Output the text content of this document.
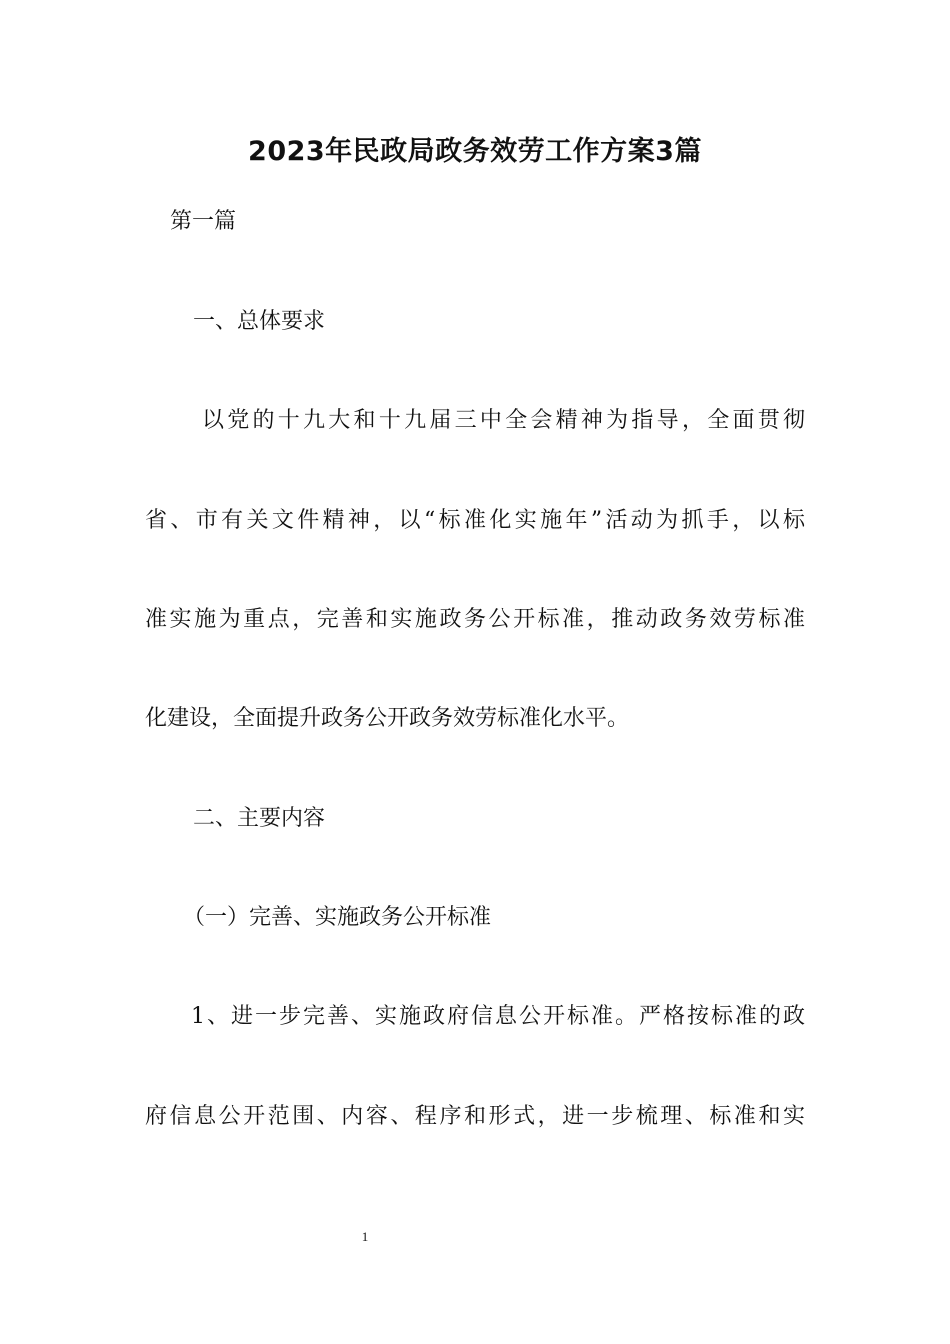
2023年民政局政务效劳工作方案3篇
第一篇
一、总体要求
以党的十九大和十九届三中全会精神为指导，全面贯彻
省、市有关文件精神，以“标准化实施年”活动为抓手，以标
准实施为重点，完善和实施政务公开标准，推动政务效劳标准
化建设，全面提升政务公开政务效劳标准化水平。
二、主要内容
（一）完善、实施政务公开标准
1、进一步完善、实施政府信息公开标准。严格按标准的政
府信息公开范围、内容、程序和形式，进一步梳理、标准和实
1
